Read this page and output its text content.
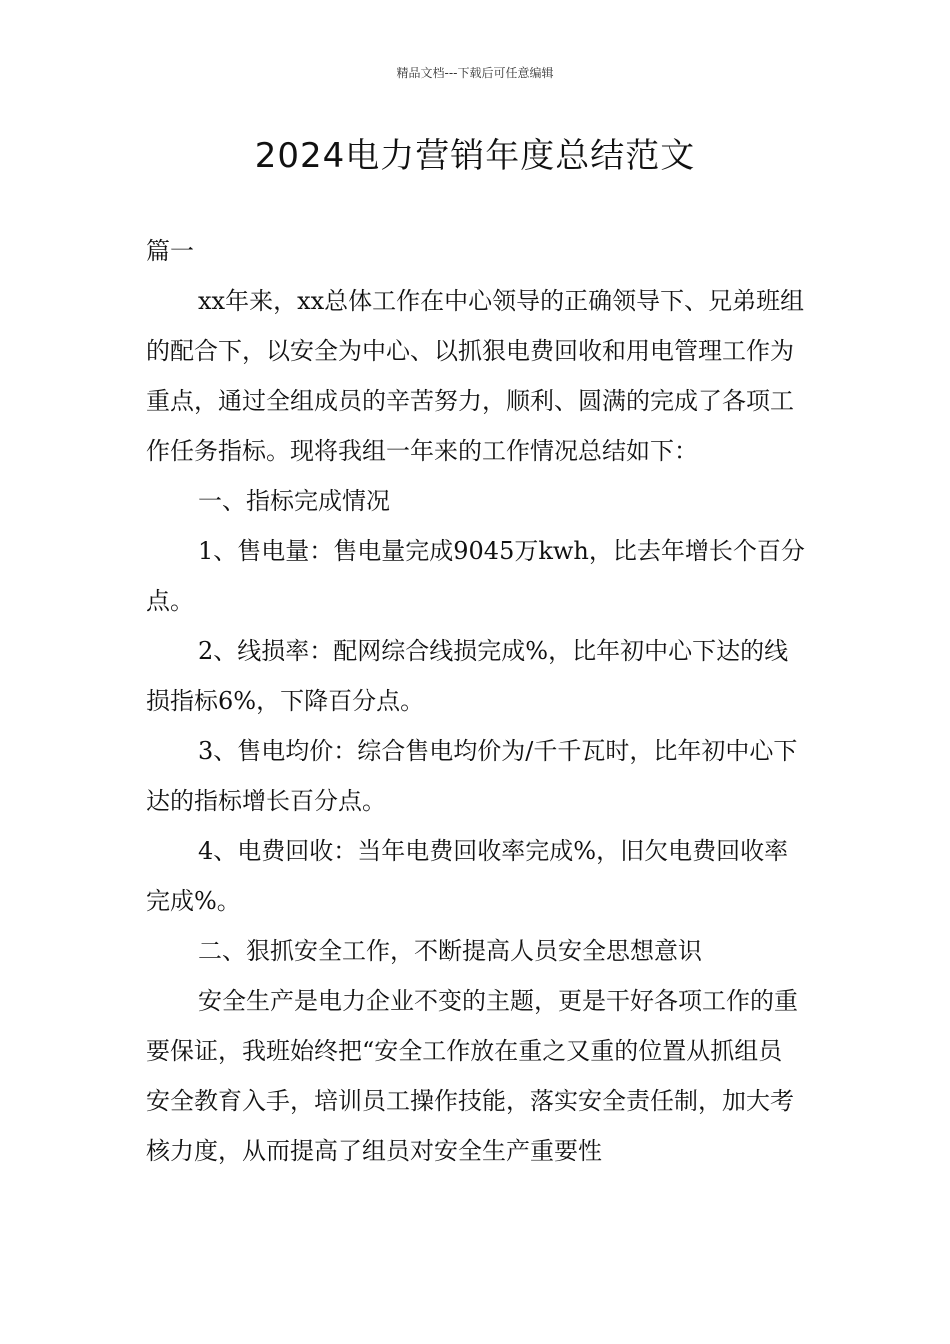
精品文档---下载后可任意编辑
2024电力营销年度总结范文

篇一

xx年来，xx总体工作在中心领导的正确领导下、兄弟班组的配合下，以安全为中心、以抓狠电费回收和用电管理工作为重点，通过全组成员的辛苦努力，顺利、圆满的完成了各项工作任务指标。现将我组一年来的工作情况总结如下：

一、指标完成情况

1、售电量：售电量完成9045万kwh，比去年增长个百分点。

2、线损率：配网综合线损完成%，比年初中心下达的线损指标6%，下降百分点。

3、售电均价：综合售电均价为/千千瓦时，比年初中心下达的指标增长百分点。

4、电费回收：当年电费回收率完成%，旧欠电费回收率完成%。

二、狠抓安全工作，不断提高人员安全思想意识

安全生产是电力企业不变的主题，更是干好各项工作的重要保证，我班始终把“安全工作放在重之又重的位置从抓组员安全教育入手，培训员工操作技能，落实安全责任制，加大考核力度，从而提高了组员对安全生产重要性
